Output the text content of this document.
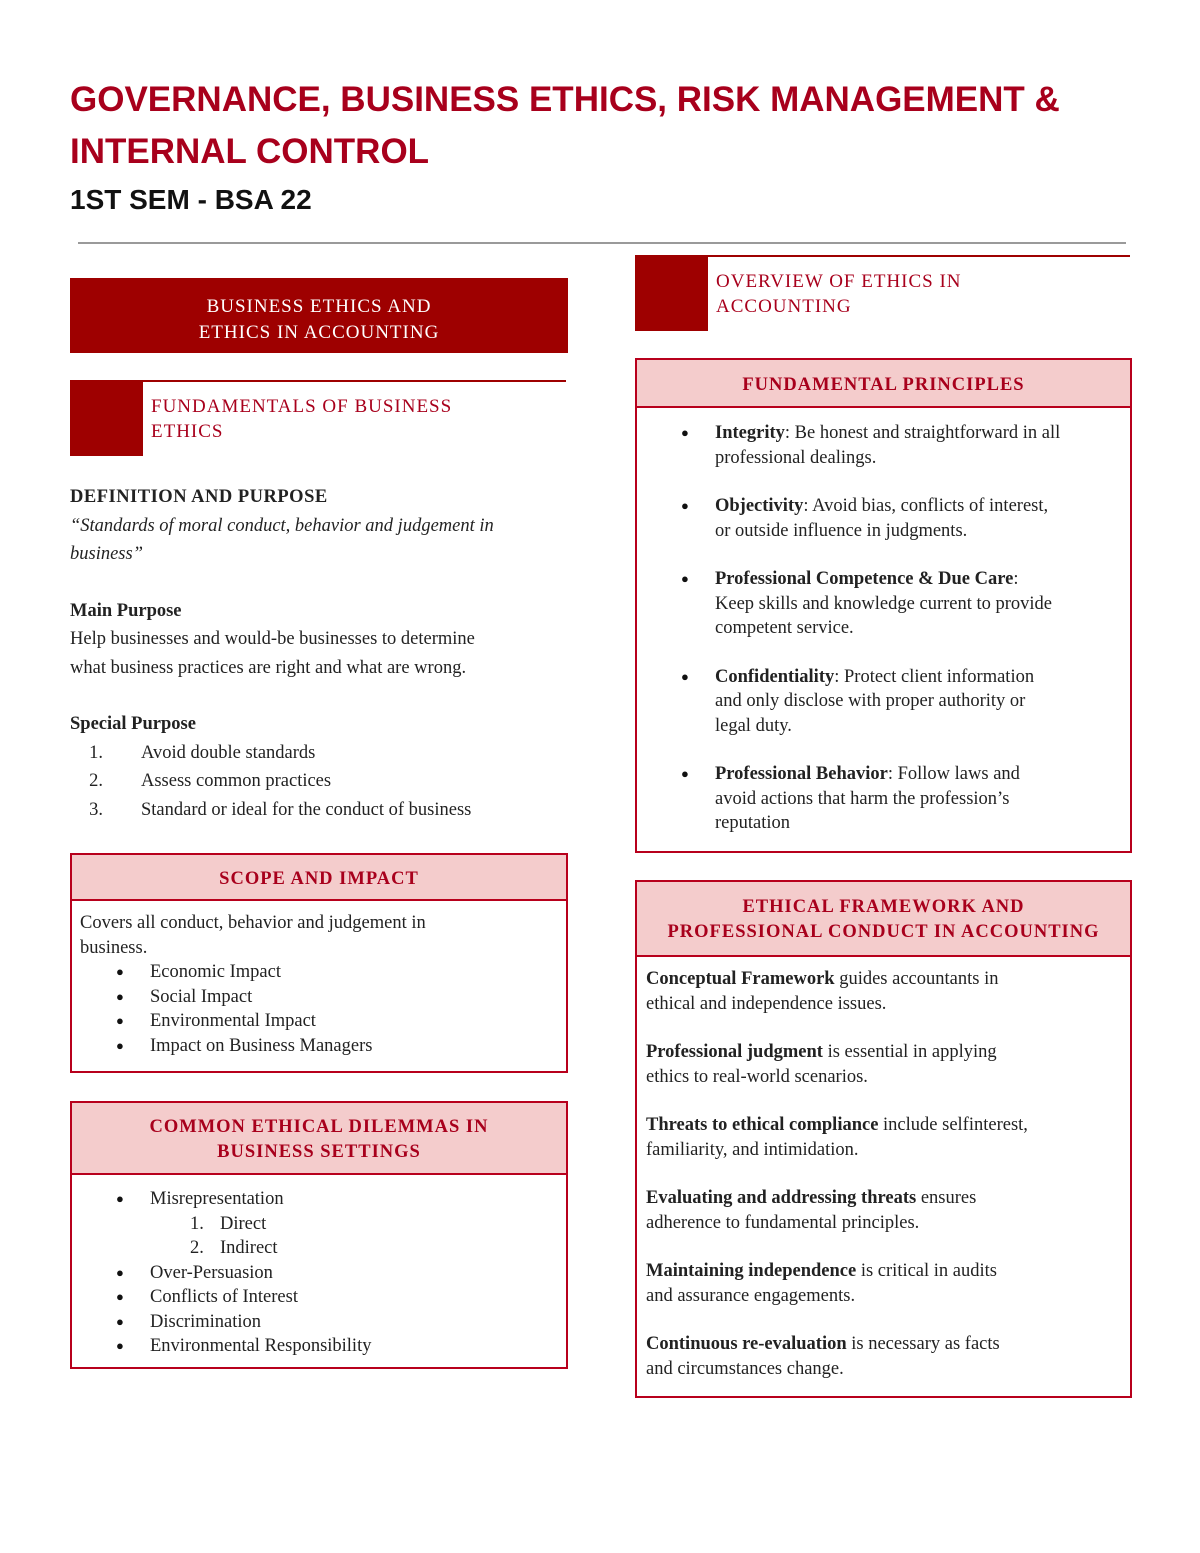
GOVERNANCE, BUSINESS ETHICS, RISK MANAGEMENT & INTERNAL CONTROL
1ST SEM - BSA 22
BUSINESS ETHICS AND
ETHICS IN ACCOUNTING
FUNDAMENTALS OF BUSINESS
ETHICS
DEFINITION AND PURPOSE
“Standards of moral conduct, behavior and judgement in
business”
Main Purpose
Help businesses and would-be businesses to determine
what business practices are right and what are wrong.
Special Purpose
1. Avoid double standards
2. Assess common practices
3. Standard or ideal for the conduct of business
SCOPE AND IMPACT
Covers all conduct, behavior and judgement in
business.
● Economic Impact
● Social Impact
● Environmental Impact
● Impact on Business Managers
COMMON ETHICAL DILEMMAS IN
BUSINESS SETTINGS
● Misrepresentation
1. Direct
2. Indirect
● Over-Persuasion
● Conflicts of Interest
● Discrimination
● Environmental Responsibility
OVERVIEW OF ETHICS IN
ACCOUNTING
FUNDAMENTAL PRINCIPLES
● Integrity: Be honest and straightforward in all
professional dealings.
● Objectivity: Avoid bias, conflicts of interest,
or outside influence in judgments.
● Professional Competence & Due Care:
Keep skills and knowledge current to provide
competent service.
● Confidentiality: Protect client information
and only disclose with proper authority or
legal duty.
● Professional Behavior: Follow laws and
avoid actions that harm the profession’s
reputation
ETHICAL FRAMEWORK AND
PROFESSIONAL CONDUCT IN ACCOUNTING

Conceptual Framework guides accountants in
ethical and independence issues.

Professional judgment is essential in applying
ethics to real-world scenarios.

Threats to ethical compliance include selfinterest,
familiarity, and intimidation.

Evaluating and addressing threats ensures
adherence to fundamental principles.

Maintaining independence is critical in audits
and assurance engagements.

Continuous re-evaluation is necessary as facts
and circumstances change.
